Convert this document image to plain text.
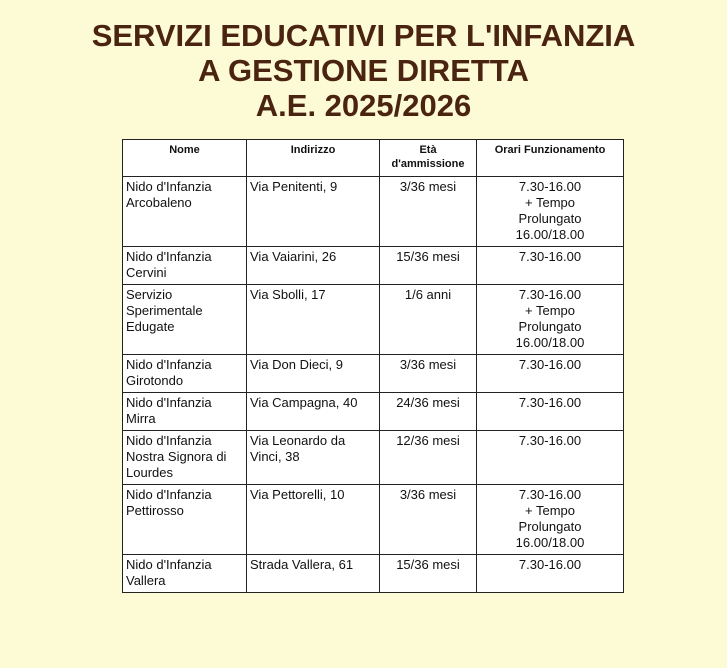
SERVIZI EDUCATIVI PER L'INFANZIA
A GESTIONE DIRETTA
A.E. 2025/2026
Nome	Indirizzo	Età d'ammissione	Orari Funzionamento
Nido d'Infanzia Arcobaleno	Via Penitenti, 9	3/36 mesi	7.30-16.00
+ Tempo
Prolungato
16.00/18.00

Nido d'Infanzia Cervini	Via Vaiarini, 26	15/36 mesi	7.30-16.00

Servizio Sperimentale Edugate	Via Sbolli, 17	1/6 anni	7.30-16.00
+ Tempo
Prolungato
16.00/18.00

Nido d'Infanzia Girotondo	Via Don Dieci, 9	3/36 mesi	7.30-16.00

Nido d'Infanzia Mirra	Via Campagna, 40	24/36 mesi	7.30-16.00

Nido d'Infanzia Nostra Signora di Lourdes	Via Leonardo da Vinci, 38	12/36 mesi	7.30-16.00

Nido d'Infanzia Pettirosso	Via Pettorelli, 10	3/36 mesi	7.30-16.00
+ Tempo
Prolungato
16.00/18.00

Nido d'Infanzia Vallera	Strada Vallera, 61	15/36 mesi	7.30-16.00
